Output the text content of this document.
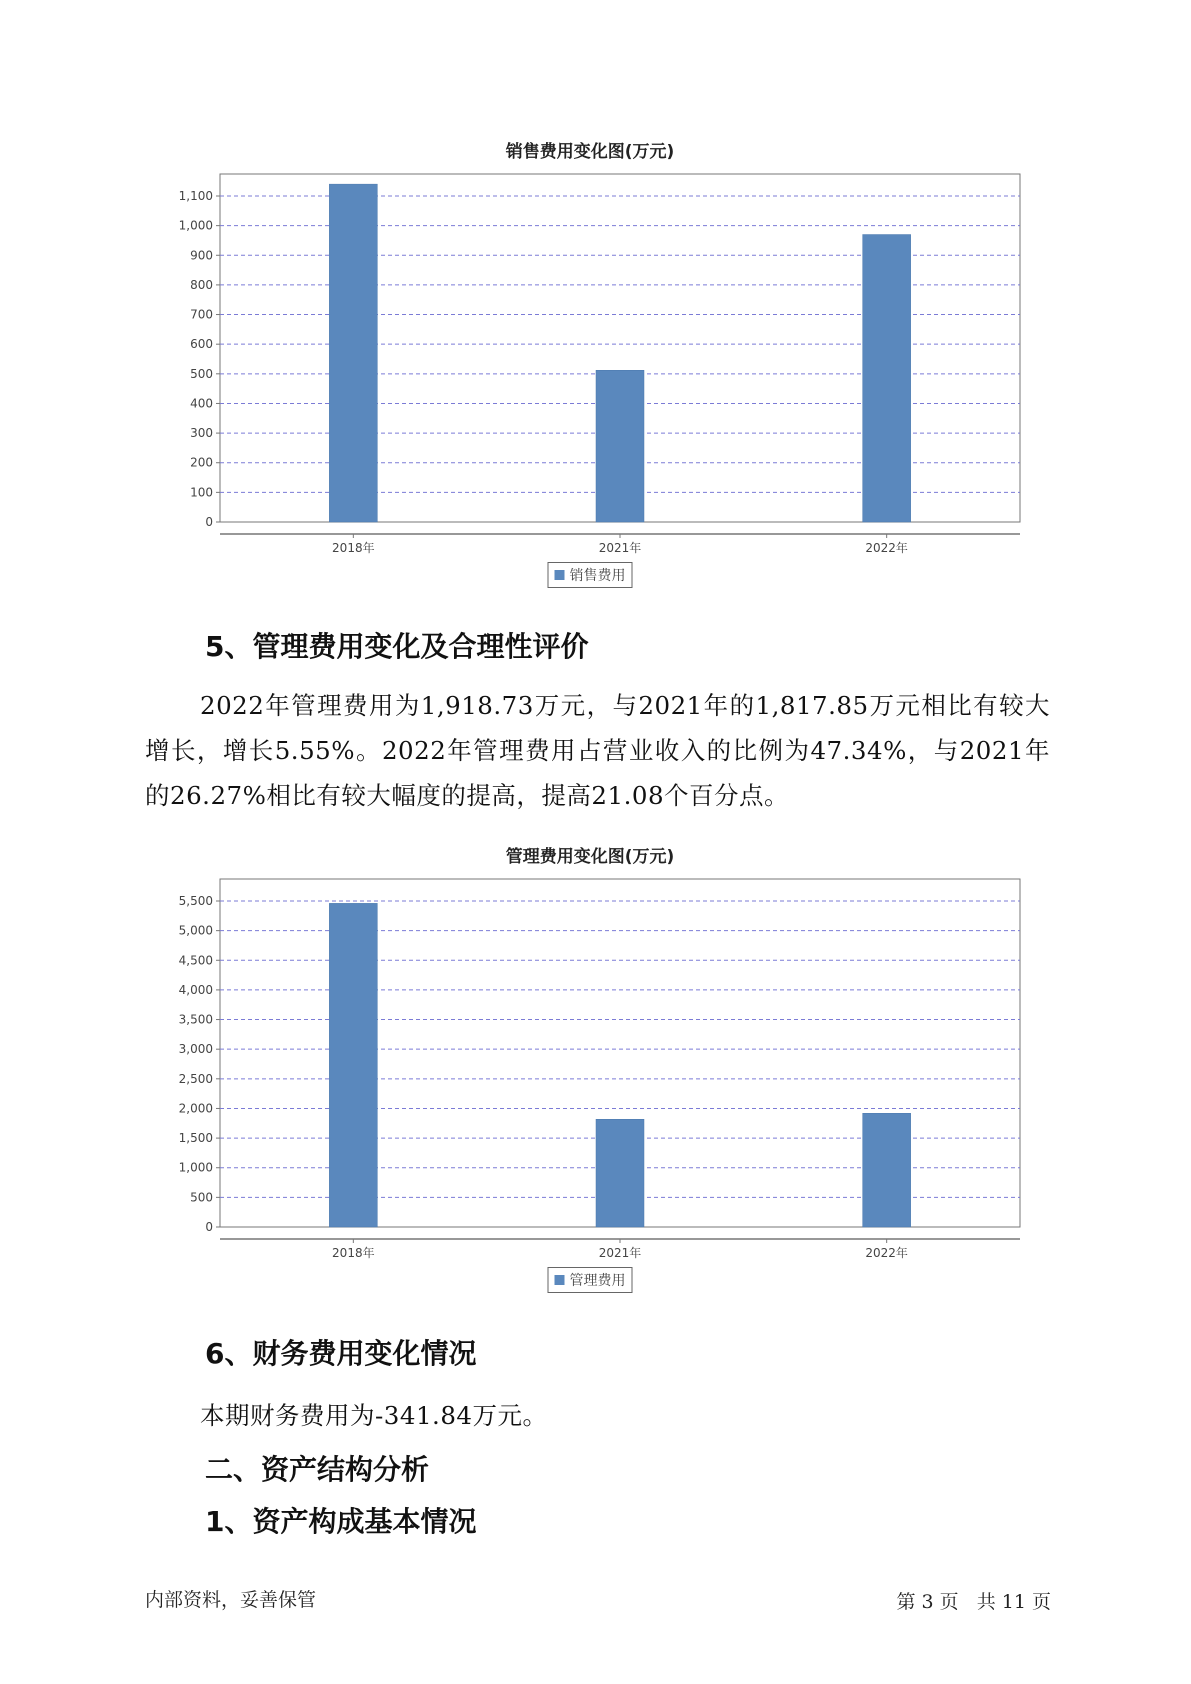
销售费用变化图(万元)
0
100
200
300
400
500
600
700
800
900
1,000
1,100
2018年	2021年	2022年
销售费用
5、管理费用变化及合理性评价

2022年管理费用为1,918.73万元，与2021年的1,817.85万元相比有较大增长，增长5.55%。2022年管理费用占营业收入的比例为47.34%，与2021年的26.27%相比有较大幅度的提高，提高21.08个百分点。

管理费用变化图(万元)
0
500
1,000
1,500
2,000
2,500
3,000
3,500
4,000
4,500
5,000
5,500
2018年	2021年	2022年
管理费用
6、财务费用变化情况

本期财务费用为-341.84万元。

二、资产结构分析
1、资产构成基本情况
内部资料，妥善保管	第 3 页   共 11 页
